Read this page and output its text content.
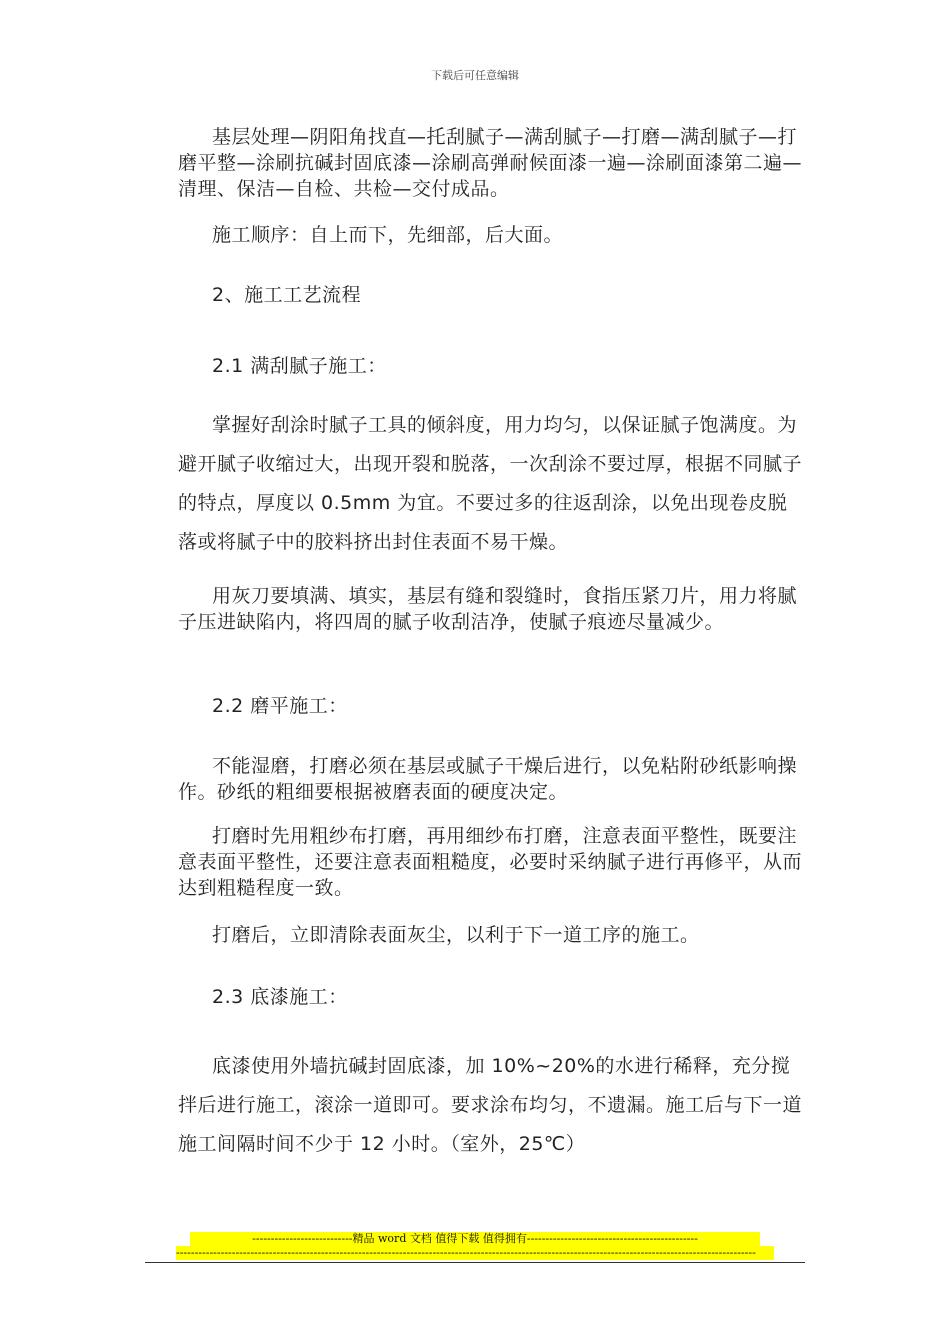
下载后可任意编辑
基层处理—阴阳角找直—托刮腻子—满刮腻子—打磨—满刮腻子—打磨平整—涂刷抗碱封固底漆—涂刷高弹耐候面漆一遍—涂刷面漆第二遍—清理、保洁—自检、共检—交付成品。
施工顺序：自上而下，先细部，后大面。
2、施工工艺流程
2.1 满刮腻子施工：
掌握好刮涂时腻子工具的倾斜度，用力均匀，以保证腻子饱满度。为避开腻子收缩过大，出现开裂和脱落，一次刮涂不要过厚，根据不同腻子的特点，厚度以 0.5mm 为宜。不要过多的往返刮涂，以免出现卷皮脱落或将腻子中的胶料挤出封住表面不易干燥。
用灰刀要填满、填实，基层有缝和裂缝时，食指压紧刀片，用力将腻子压进缺陷内，将四周的腻子收刮洁净，使腻子痕迹尽量减少。
2.2 磨平施工：
不能湿磨，打磨必须在基层或腻子干燥后进行，以免粘附砂纸影响操作。砂纸的粗细要根据被磨表面的硬度决定。
打磨时先用粗纱布打磨，再用细纱布打磨，注意表面平整性，既要注意表面平整性，还要注意表面粗糙度，必要时采纳腻子进行再修平，从而达到粗糙程度一致。
打磨后，立即清除表面灰尘，以利于下一道工序的施工。
2.3 底漆施工：
底漆使用外墙抗碱封固底漆，加 10%~20%的水进行稀释，充分搅拌后进行施工，滚涂一道即可。要求涂布均匀，不遗漏。施工后与下一道施工间隔时间不少于 12 小时。（室外，25℃）
---------------------------精品 word 文档 值得下载 值得拥有----------------------------------------------
------------------------------------------------------------------------------------------------------------------------------------------------------------
